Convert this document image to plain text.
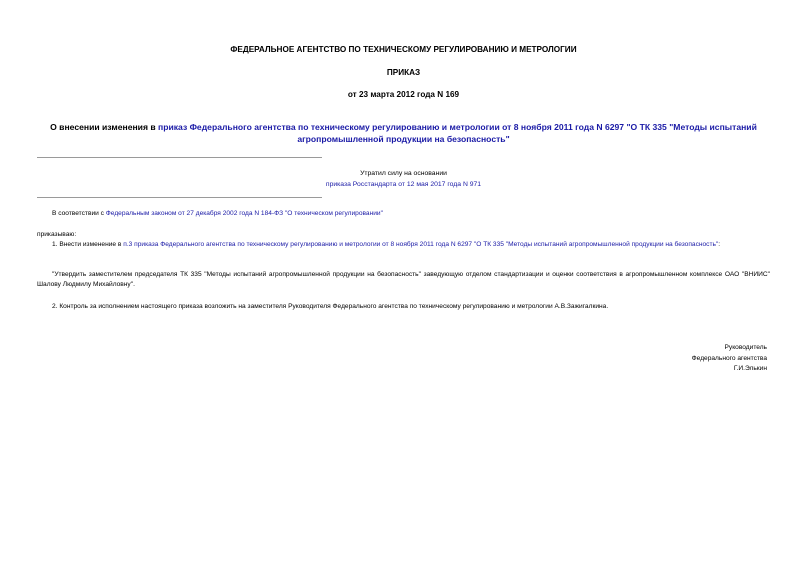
ФЕДЕРАЛЬНОЕ АГЕНТСТВО ПО ТЕХНИЧЕСКОМУ РЕГУЛИРОВАНИЮ И МЕТРОЛОГИИ
ПРИКАЗ
от 23 марта 2012 года N 169
О внесении изменения в приказ Федерального агентства по техническому регулированию и метрологии от 8 ноября 2011 года N 6297 "О ТК 335 "Методы испытаний агропромышленной продукции на безопасность"
Утратил силу на основании
приказа Росстандарта от 12 мая 2017 года N 971
В соответствии с Федеральным законом от 27 декабря 2002 года N 184-ФЗ "О техническом регулировании"
приказываю:
1. Внести изменение в п.3 приказа Федерального агентства по техническому регулированию и метрологии от 8 ноября 2011 года N 6297 "О ТК 335 "Методы испытаний агропромышленной продукции на безопасность":
"Утвердить заместителем председателя ТК 335 "Методы испытаний агропромышленной продукции на безопасность" заведующую отделом стандартизации и оценки соответствия в агропромышленном комплексе ОАО "ВНИИС" Шалову Людмилу Михайловну".
2. Контроль за исполнением настоящего приказа возложить на заместителя Руководителя Федерального агентства по техническому регулированию и метрологии А.В.Зажигалкина.
Руководитель
Федерального агентства
Г.И.Элькин
